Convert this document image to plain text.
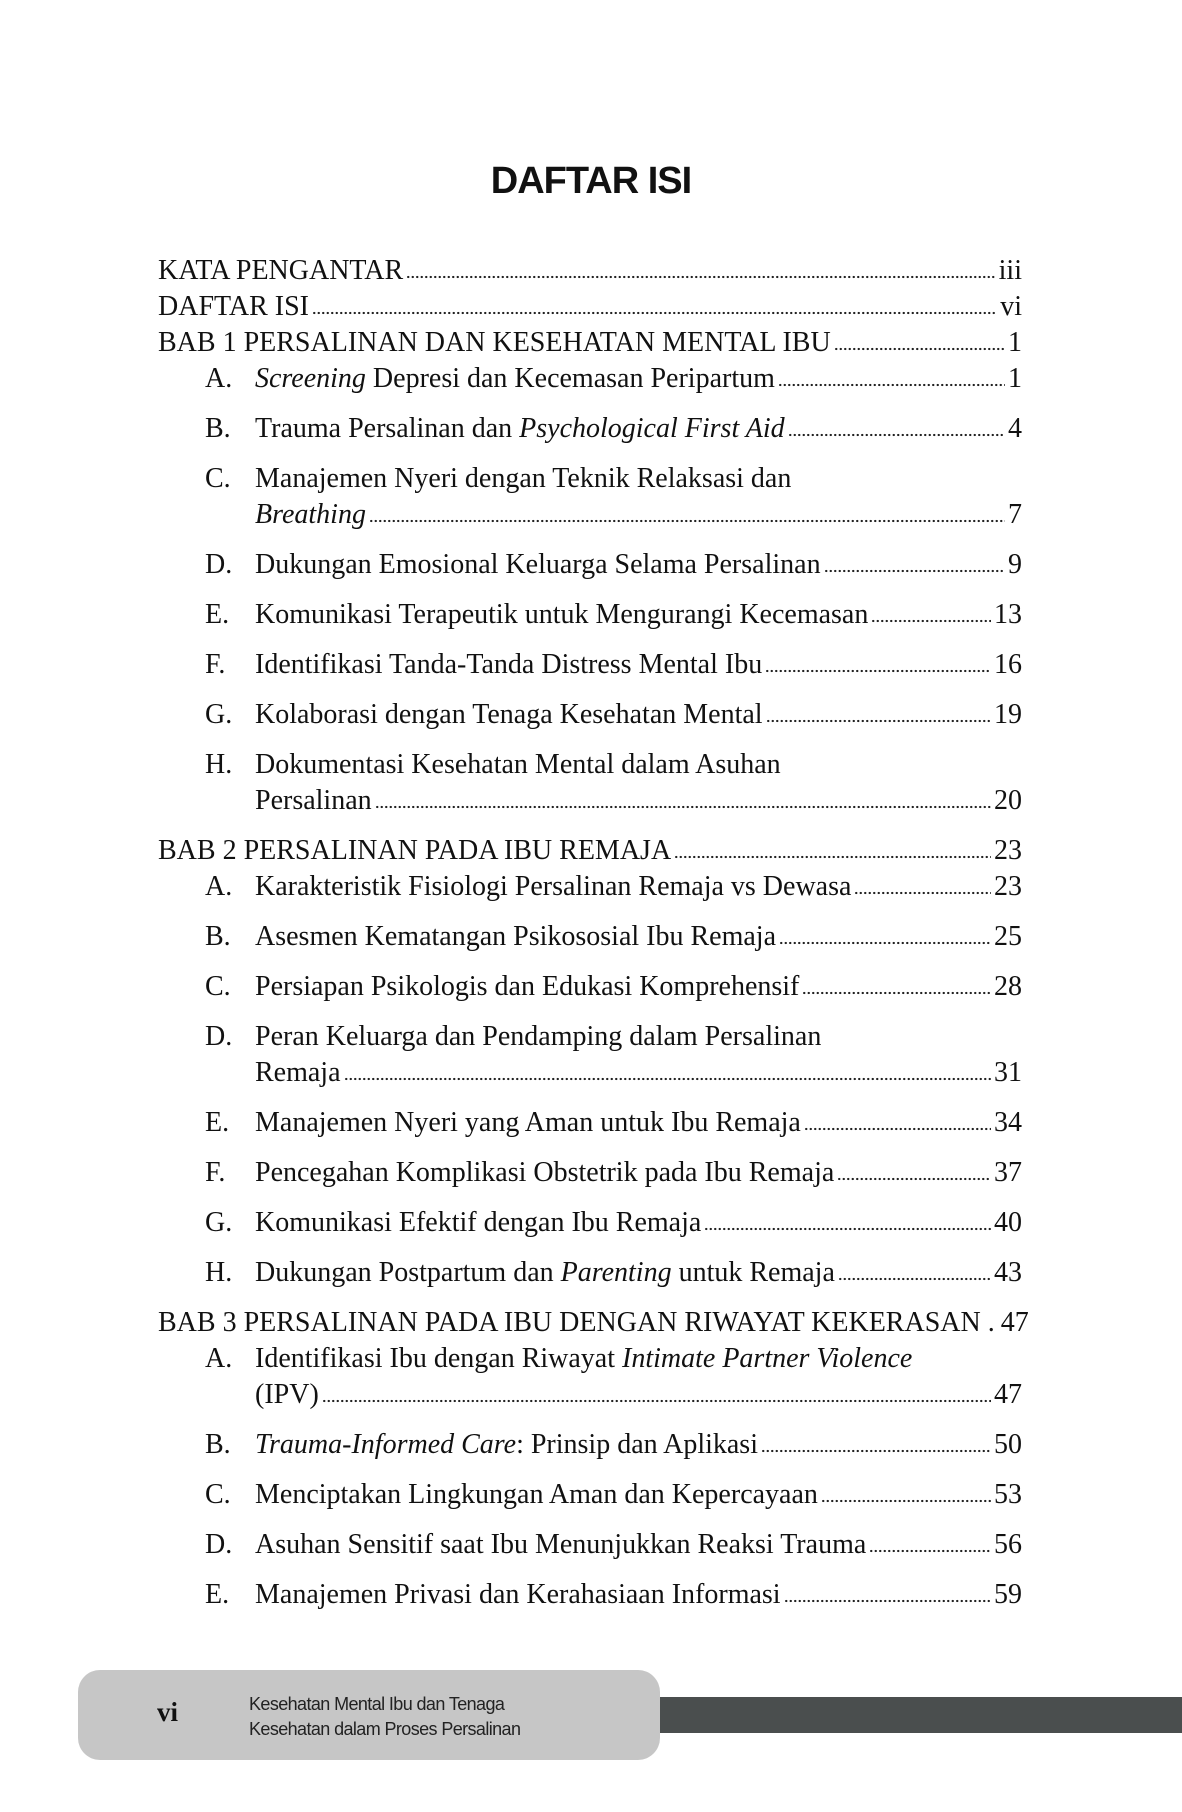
DAFTAR ISI
KATA PENGANTAR	iii
DAFTAR ISI	vi
BAB 1 PERSALINAN DAN KESEHATAN MENTAL IBU	1
A. Screening Depresi dan Kecemasan Peripartum	1
B. Trauma Persalinan dan Psychological First Aid	4
C. Manajemen Nyeri dengan Teknik Relaksasi dan
Breathing	7
D. Dukungan Emosional Keluarga Selama Persalinan	9
E. Komunikasi Terapeutik untuk Mengurangi Kecemasan	13
F.	Identifikasi Tanda-Tanda Distress Mental Ibu	16
G. Kolaborasi dengan Tenaga Kesehatan Mental	19
H. Dokumentasi Kesehatan Mental dalam Asuhan
Persalinan	20
BAB 2 PERSALINAN PADA IBU REMAJA	23
A. Karakteristik Fisiologi Persalinan Remaja vs Dewasa	23
B. Asesmen Kematangan Psikososial Ibu Remaja	25
C. Persiapan Psikologis dan Edukasi Komprehensif	28
D. Peran Keluarga dan Pendamping dalam Persalinan
Remaja	31
E. Manajemen Nyeri yang Aman untuk Ibu Remaja	34
F.	Pencegahan Komplikasi Obstetrik pada Ibu Remaja	37
G. Komunikasi Efektif dengan Ibu Remaja	40
H. Dukungan Postpartum dan Parenting untuk Remaja	43
BAB 3 PERSALINAN PADA IBU DENGAN RIWAYAT KEKERASAN . 47
A. Identifikasi Ibu dengan Riwayat Intimate Partner Violence
(IPV)	47
B. Trauma-Informed Care : Prinsip dan Aplikasi	50
C. Menciptakan Lingkungan Aman dan Kepercayaan	53
D. Asuhan Sensitif saat Ibu Menunjukkan Reaksi Trauma	56
E. Manajemen Privasi dan Kerahasiaan Informasi	59
vi	Kesehatan Mental Ibu dan Tenaga
Kesehatan dalam Proses Persalinan
